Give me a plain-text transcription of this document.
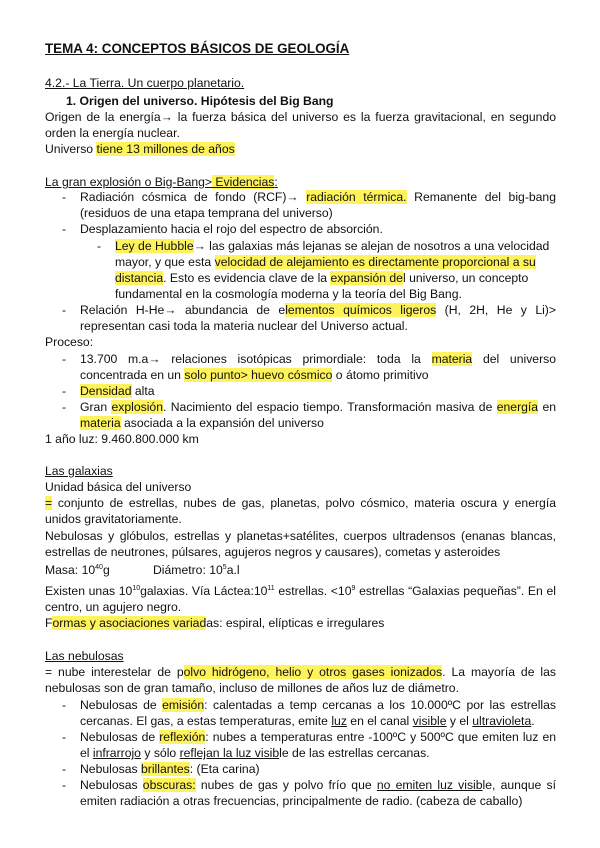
TEMA 4: CONCEPTOS BÁSICOS DE GEOLOGÍA
4.2.- La Tierra. Un cuerpo planetario.
1. Origen del universo. Hipótesis del Big Bang
Origen de la energía→ la fuerza básica del universo es la fuerza gravitacional, en segundo
orden la energía nuclear.
Universo tiene 13 millones de años
La gran explosión o Big-Bang> Evidencias:
- Radiación cósmica de fondo (RCF)→ radiación térmica. Remanente del big-bang
(residuos de una etapa temprana del universo)
- Desplazamiento hacia el rojo del espectro de absorción.
- Ley de Hubble→ las galaxias más lejanas se alejan de nosotros a una velocidad
mayor, y que esta velocidad de alejamiento es directamente proporcional a su
distancia. Esto es evidencia clave de la expansión del universo, un concepto
fundamental en la cosmología moderna y la teoría del Big Bang.
- Relación H-He→ abundancia de elementos químicos ligeros (H, 2H, He y Li)>
representan casi toda la materia nuclear del Universo actual.
Proceso:
- 13.700 m.a→ relaciones isotópicas primordiale: toda la materia del universo
concentrada en un solo punto> huevo cósmico o átomo primitivo
- Densidad alta
- Gran explosión. Nacimiento del espacio tiempo. Transformación masiva de energía en
materia asociada a la expansión del universo
1 año luz: 9.460.800.000 km
Las galaxias
Unidad básica del universo
= conjunto de estrellas, nubes de gas, planetas, polvo cósmico, materia oscura y energía
unidos gravitatoriamente.
Nebulosas y glóbulos, estrellas y planetas+satélites, cuerpos ultradensos (enanas blancas,
estrellas de neutrones, púlsares, agujeros negros y causares), cometas y asteroides
Masa: $10^{40}g$	Diámetro: $10^5a.l$
Existen unas $10^{10}galaxias$. Vía $Láctea:10^{11}$ estrellas. $<10^9$ estrellas “Galaxias pequeñas”. En el
centro, un agujero negro.
Formas y asociaciones variadas: espiral, elípticas e irregulares
Las nebulosas
= nube interestelar de polvo hidrógeno, helio y otros gases ionizados. La mayoría de las
nebulosas son de gran tamaño, incluso de millones de años luz de diámetro.
- Nebulosas de emisión: calentadas a temp cercanas a los 10.000ºC por las estrellas
cercanas. El gas, a estas temperaturas, emite luz en el canal visible y el ultravioleta.
- Nebulosas de reflexión: nubes a temperaturas entre -100ºC y 500ºC que emiten luz en
el infrarrojo y sólo reflejan la luz visible de las estrellas cercanas.
- Nebulosas brillantes: (Eta carina)
- Nebulosas obscuras: nubes de gas y polvo frío que no emiten luz visible, aunque sí
emiten radiación a otras frecuencias, principalmente de radio. (cabeza de caballo)
